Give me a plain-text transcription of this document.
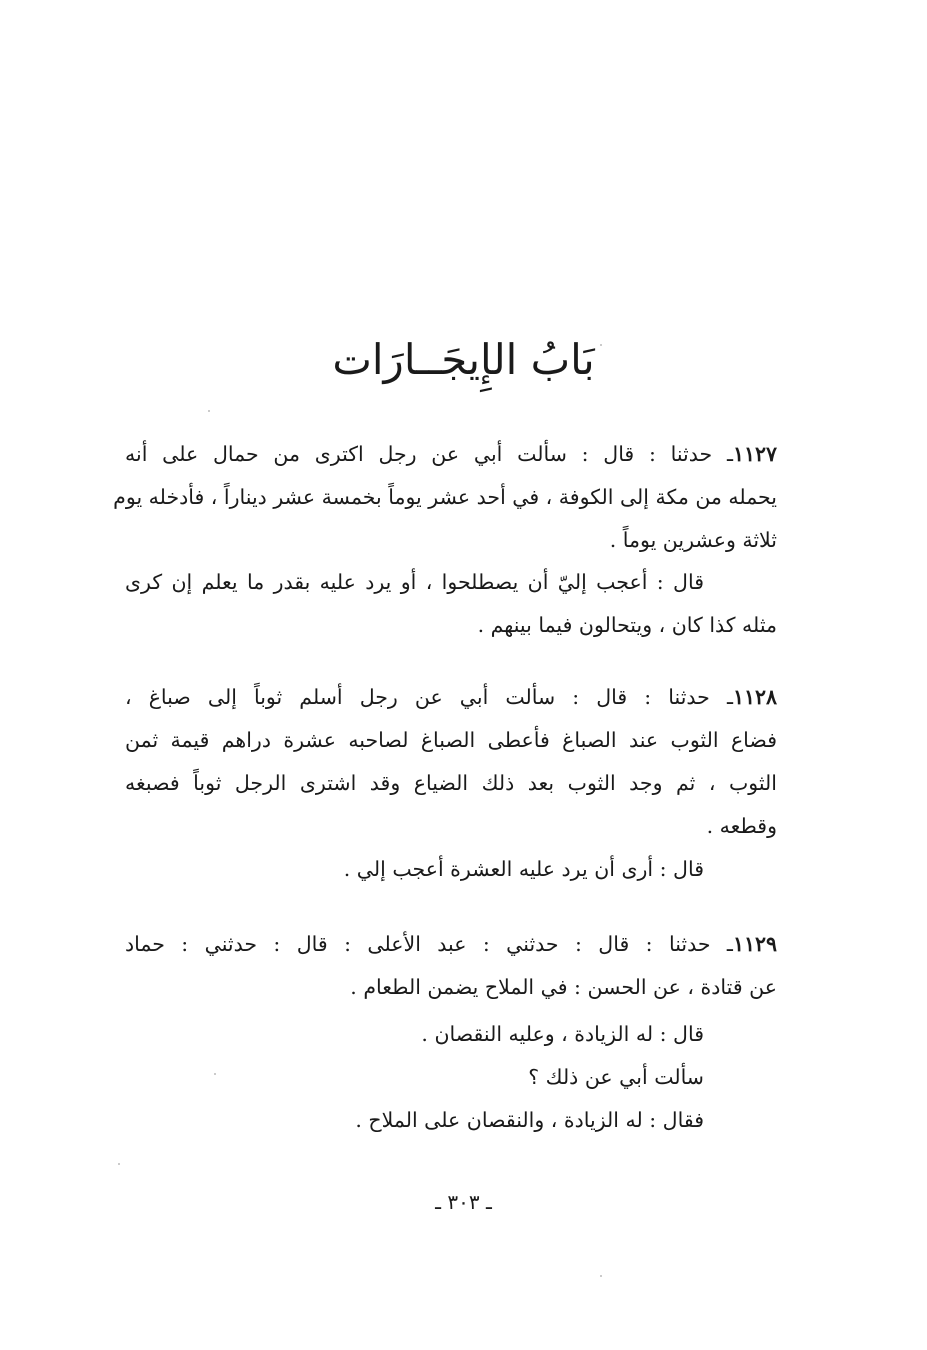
بَابُ الإِيجَــارَات
١١٢٧ـ حدثنا : قال : سألت أبي عن رجل اكترى من حمال على أنه
يحمله من مكة إلى الكوفة ، في أحد عشر يوماً بخمسة عشر ديناراً ، فأدخله يوم
ثلاثة وعشرين يوماً .
قال : أعجب إليّ أن يصطلحوا ، أو يرد عليه بقدر ما يعلم إن كرى
مثله كذا كان ، ويتحالون فيما بينهم .
١١٢٨ـ حدثنا : قال : سألت أبي عن رجل أسلم ثوباً إلى صباغ ،
فضاع الثوب عند الصباغ فأعطى الصباغ لصاحبه عشرة دراهم قيمة ثمن
الثوب ، ثم وجد الثوب بعد ذلك الضياع وقد اشترى الرجل ثوباً فصبغه
وقطعه .
قال : أرى أن يرد عليه العشرة أعجب إلي .
١١٢٩ـ حدثنا : قال : حدثني : عبد الأعلى : قال : حدثني : حماد
عن قتادة ، عن الحسن : في الملاح يضمن الطعام .
قال : له الزيادة ، وعليه النقصان .
سألت أبي عن ذلك ؟
فقال : له الزيادة ، والنقصان على الملاح .
ـ ٣٠٣ ـ
